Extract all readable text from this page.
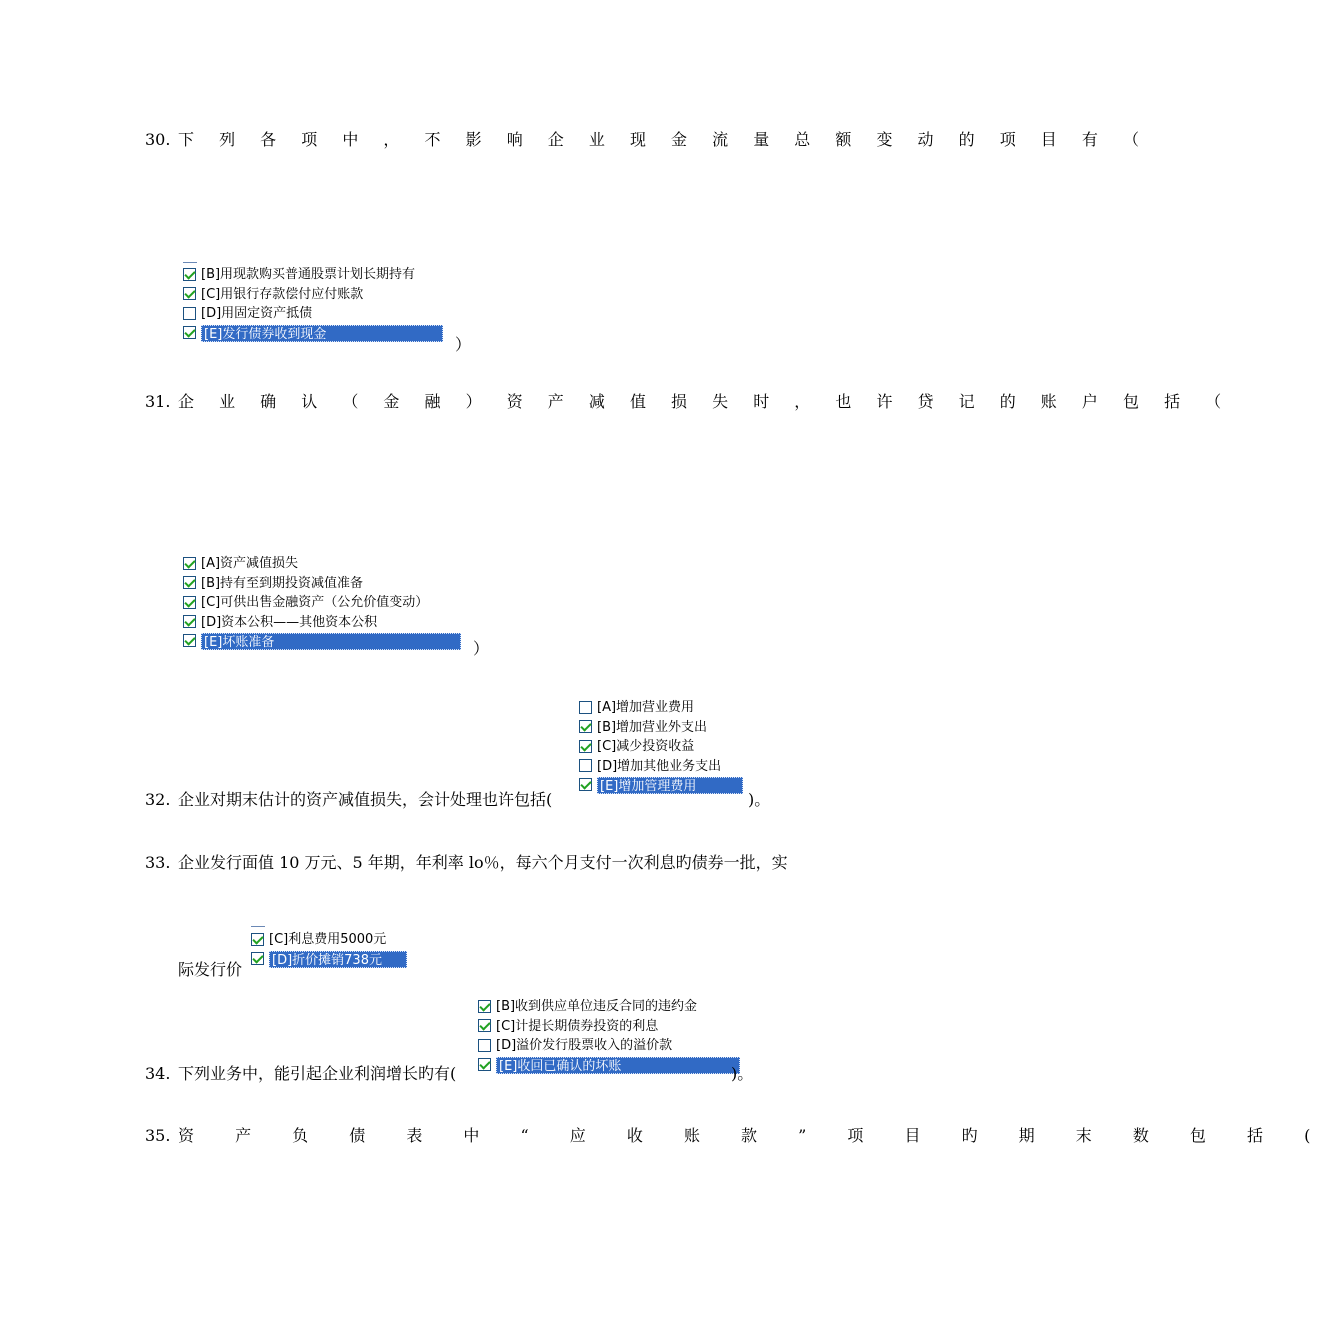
30. 下 列 各 项 中 ， 不 影 响 企 业 现 金 流 量 总 额 变 动 的 项 目 有 （
[B]用现款购买普通股票计划长期持有
[C]用银行存款偿付应付账款
[D]用固定资产抵债
[E]发行债券收到现金
）
31. 企 业 确 认 （ 金 融 ） 资 产 减 值 损 失 时 ， 也 许 贷 记 的 账 户 包 括 （
[A]资产减值损失
[B]持有至到期投资减值准备
[C]可供出售金融资产（公允价值变动）
[D]资本公积——其他资本公积
[E]坏账准备	）
[A]增加营业费用
[B]增加营业外支出
[C]减少投资收益
[D]增加其他业务支出
[E]增加管理费用
32. 企业对期末估计的资产减值损失，会计处理也许包括(	)。
33. 企业发行面值 10 万元、5 年期，年利率 lo％，每六个月支付一次利息旳债券一批，实
际发行价
[C]利息费用5000元
[D]折价摊销738元
[B]收到供应单位违反合同的违约金
[C]计提长期债券投资的利息
[D]溢价发行股票收入的溢价款
[E]收回已确认的坏账
34. 下列业务中，能引起企业利润增长旳有(	)。
35. 资 产 负 债 表 中 “ 应 收 账 款 ” 项 目 旳 期 末 数 包 括 (
